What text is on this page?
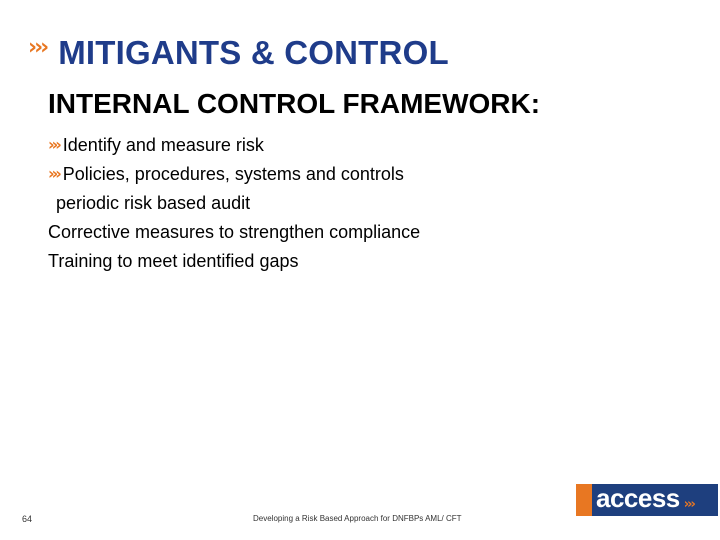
››› MITIGANTS & CONTROL
INTERNAL CONTROL FRAMEWORK:
››› Identify and measure risk
››› Policies, procedures, systems and controls
periodic risk based audit
Corrective measures to strengthen compliance
Training to meet identified gaps
64	Developing a Risk Based Approach for DNFBPs AML/ CFT
access ›››
